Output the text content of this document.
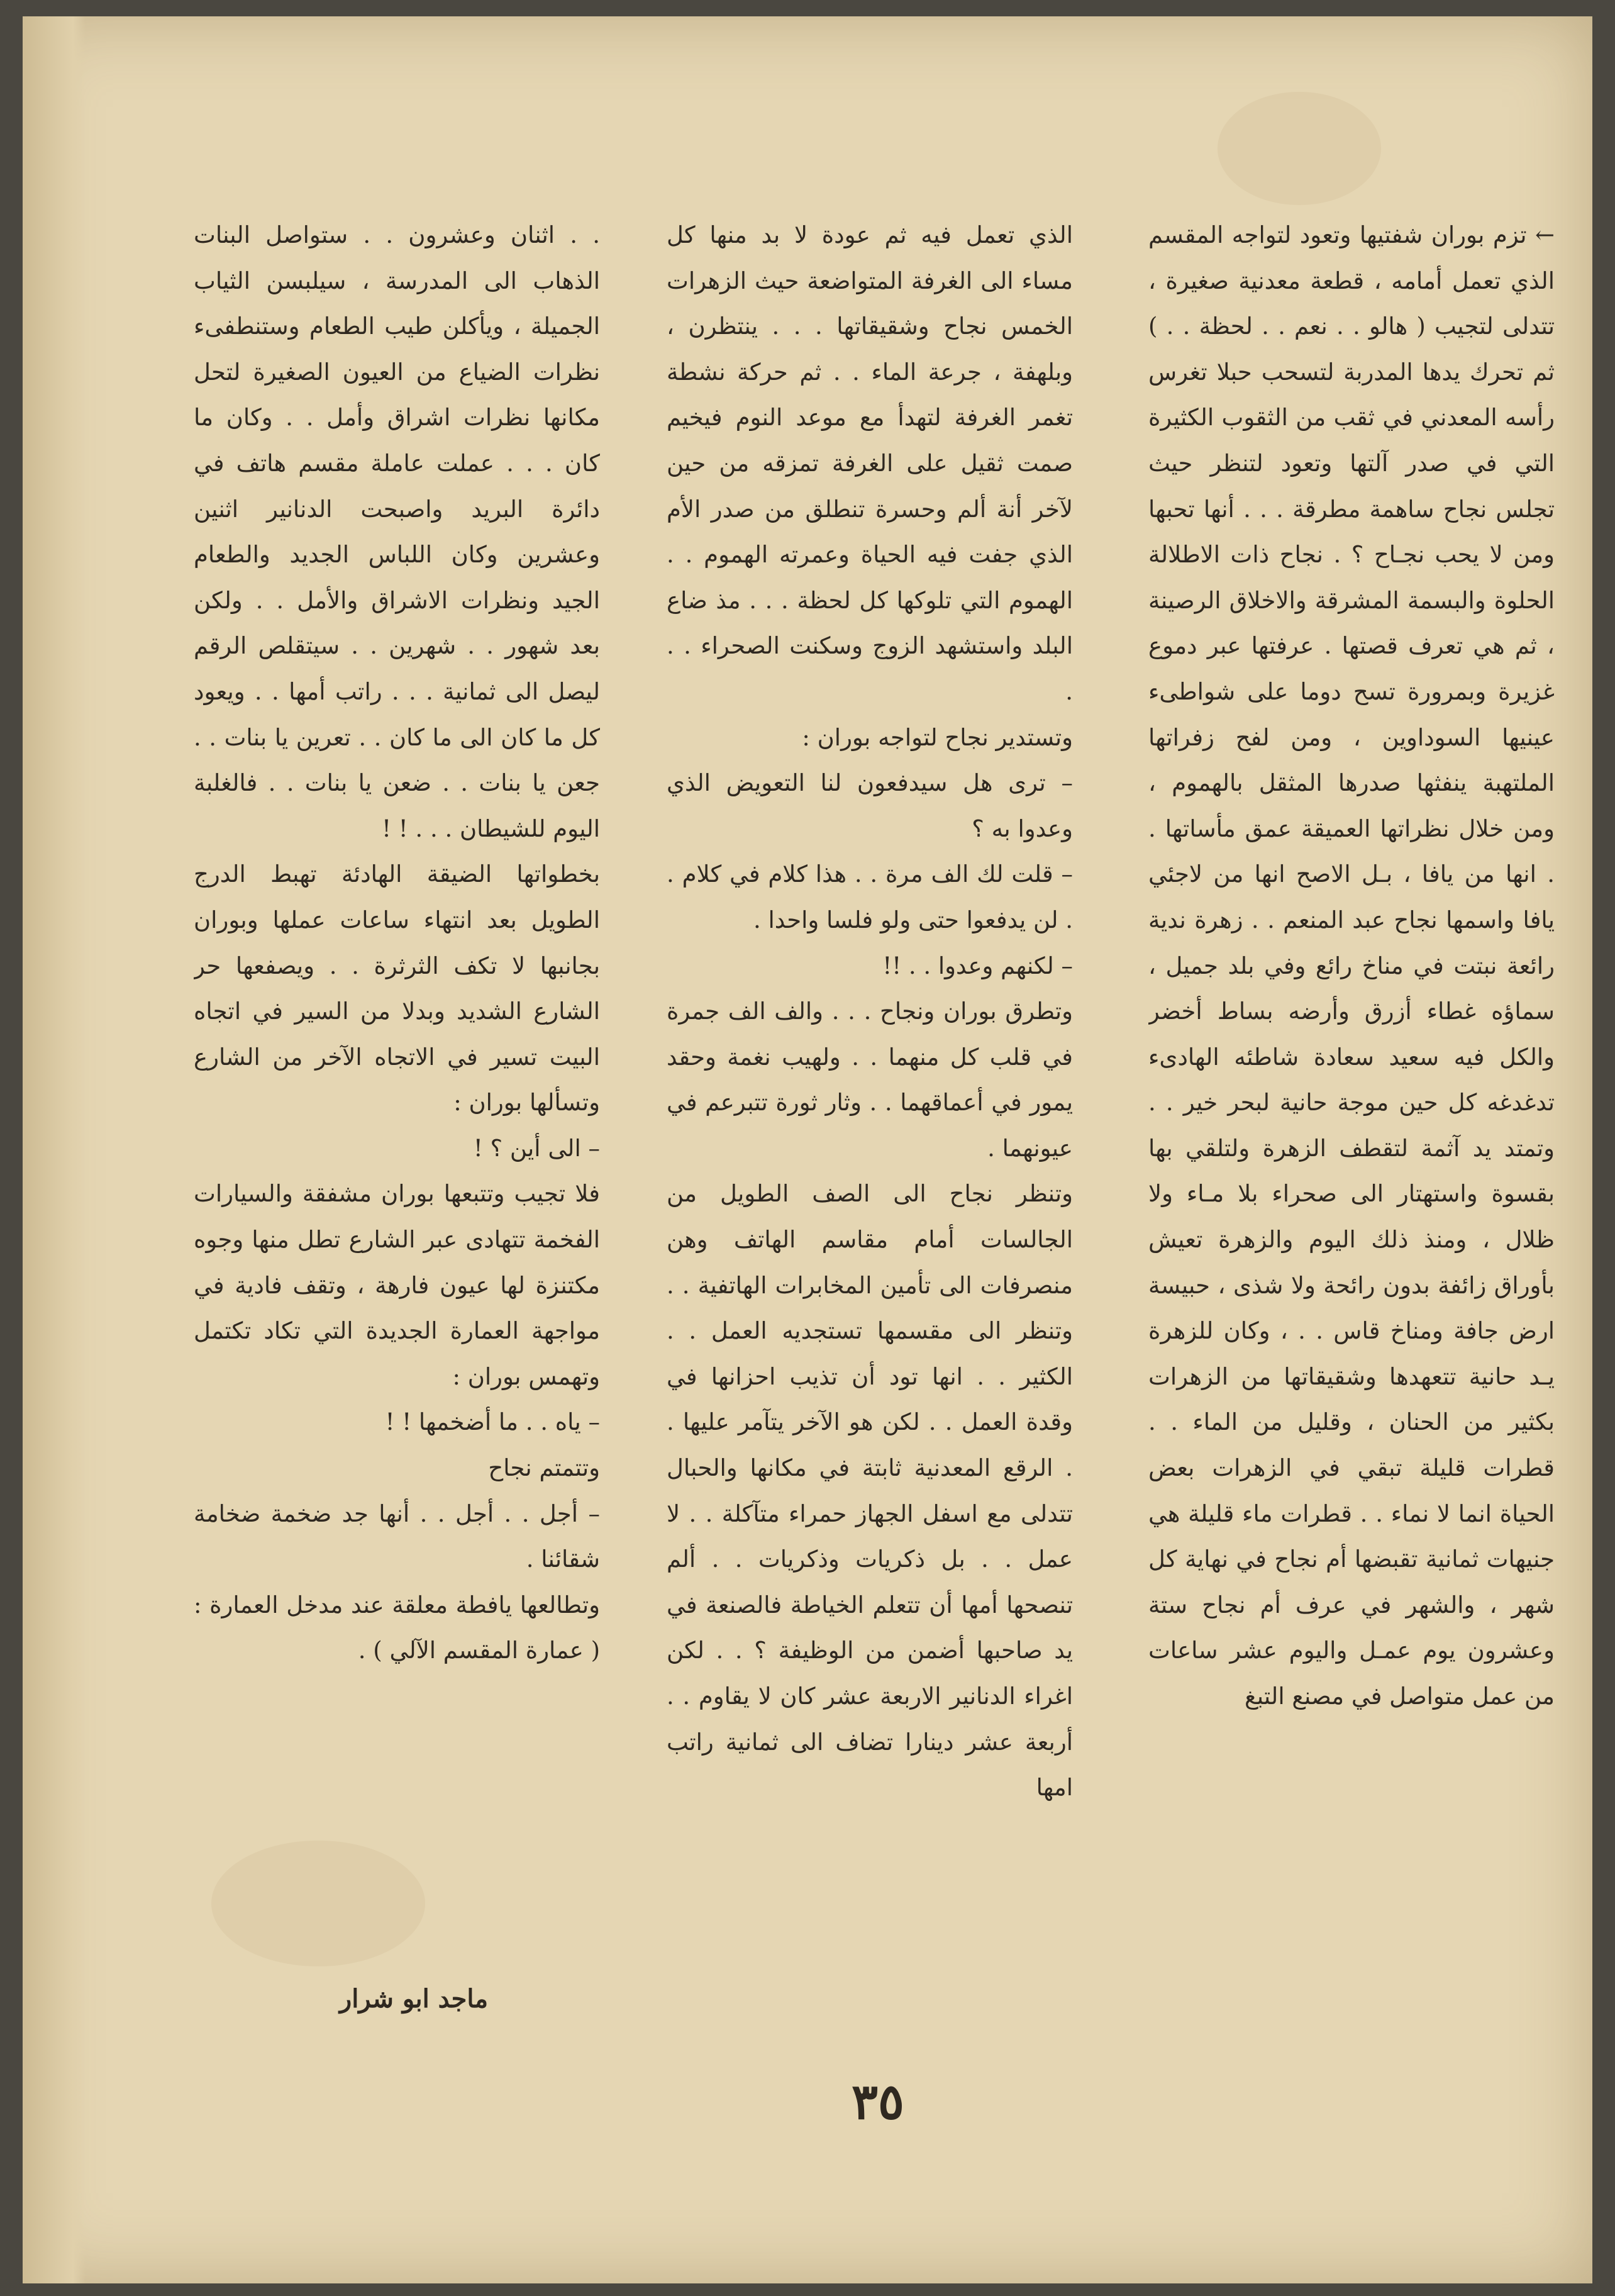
← تزم بوران شفتيها وتعود لتواجه المقسم الذي تعمل أمامه ، قطعة معدنية صغيرة ، تتدلى لتجيب ( هالو . . نعم . . لحظة . . ) ثم تحرك يدها المدربة لتسحب حبلا تغرس رأسه المعدني في ثقب من الثقوب الكثيرة التي في صدر آلتها وتعود لتنظر حيث تجلس نجاح ساهمة مطرقة . . . أنها تحبها ومن لا يحب نجـاح ؟ . نجاح ذات الاطلالة الحلوة والبسمة المشرقة والاخلاق الرصينة ، ثم هي تعرف قصتها . عرفتها عبر دموع غزيرة وبمرورة تسح دوما على شواطىء عينيها السوداوين ، ومن لفح زفراتها الملتهبة ينفثها صدرها المثقل بالهموم ، ومن خلال نظراتها العميقة عمق مأساتها . . انها من يافا ، بـل الاصح انها من لاجئي يافا واسمها نجاح عبد المنعم . . زهرة ندية رائعة نبتت في مناخ رائع وفي بلد جميل ، سماؤه غطاء أزرق وأرضه بساط أخضر والكل فيه سعيد سعادة شاطئه الهادىء تدغدغه كل حين موجة حانية لبحر خير . . وتمتد يد آثمة لتقطف الزهرة ولتلقي بها بقسوة واستهتار الى صحراء بلا مـاء ولا ظلال ، ومنذ ذلك اليوم والزهرة تعيش بأوراق زائفة بدون رائحة ولا شذى ، حبيسة ارض جافة ومناخ قاس . . ، وكان للزهرة يـد حانية تتعهدها وشقيقاتها من الزهرات بكثير من الحنان ، وقليل من الماء . . قطرات قليلة تبقي في الزهرات بعض الحياة انما لا نماء . . قطرات ماء قليلة هي جنيهات ثمانية تقبضها أم نجاح في نهاية كل شهر ، والشهر في عرف أم نجاح ستة وعشرون يوم عمـل واليوم عشر ساعات من عمل متواصل في مصنع التبغ

الذي تعمل فيه ثم عودة لا بد منها كل مساء الى الغرفة المتواضعة حيث الزهرات الخمس نجاح وشقيقاتها . . . ينتظرن ، وبلهفة ، جرعة الماء . . ثم حركة نشطة تغمر الغرفة لتهدأ مع موعد النوم فيخيم صمت ثقيل على الغرفة تمزقه من حين لآخر أنة ألم وحسرة تنطلق من صدر الأم الذي جفت فيه الحياة وعمرته الهموم . . الهموم التي تلوكها كل لحظة . . . مذ ضاع البلد واستشهد الزوج وسكنت الصحراء . . .

وتستدير نجاح لتواجه بوران :

– ترى هل سيدفعون لنا التعويض الذي وعدوا به ؟

– قلت لك الف مرة . . هذا كلام في كلام . . لن يدفعوا حتى ولو فلسا واحدا .

– لكنهم وعدوا . . !!

وتطرق بوران ونجاح . . . والف الف جمرة في قلب كل منهما . . ولهيب نغمة وحقد يمور في أعماقهما . . وثار ثورة تتبرعم في عيونهما .

وتنظر نجاح الى الصف الطويل من الجالسات أمام مقاسم الهاتف وهن منصرفات الى تأمين المخابرات الهاتفية . . وتنظر الى مقسمها تستجديه العمل . . الكثير . . انها تود أن تذيب احزانها في وقدة العمل . . لكن هو الآخر يتآمر عليها . . الرقع المعدنية ثابتة في مكانها والحبال تتدلى مع اسفل الجهاز حمراء متآكلة . . لا عمل . . بل ذكريات وذكريات . . ألم تنصحها أمها أن تتعلم الخياطة فالصنعة في يد صاحبها أضمن من الوظيفة ؟ . . لكن اغراء الدنانير الاربعة عشر كان لا يقاوم . . أربعة عشر دينارا تضاف الى ثمانية راتب امها

. . اثنان وعشرون . . ستواصل البنات الذهاب الى المدرسة ، سيلبسن الثياب الجميلة ، ويأكلن طيب الطعام وستنطفىء نظرات الضياع من العيون الصغيرة لتحل مكانها نظرات اشراق وأمل . . وكان ما كان . . . عملت عاملة مقسم هاتف في دائرة البريد واصبحت الدنانير اثنين وعشرين وكان اللباس الجديد والطعام الجيد ونظرات الاشراق والأمل . . ولكن بعد شهور . . شهرين . . سيتقلص الرقم ليصل الى ثمانية . . . راتب أمها . . ويعود كل ما كان الى ما كان . . تعرين يا بنات . . جعن يا بنات . . ضعن يا بنات . . فالغلبة اليوم للشيطان . . . ! !

بخطواتها الضيقة الهادئة تهبط الدرج الطويل بعد انتهاء ساعات عملها وبوران بجانبها لا تكف الثرثرة . . ويصفعها حر الشارع الشديد وبدلا من السير في اتجاه البيت تسير في الاتجاه الآخر من الشارع وتسألها بوران :

– الى أين ؟ !

فلا تجيب وتتبعها بوران مشفقة والسيارات الفخمة تتهادى عبر الشارع تطل منها وجوه مكتنزة لها عيون فارهة ، وتقف فادية في مواجهة العمارة الجديدة التي تكاد تكتمل وتهمس بوران :

– ياه . . ما أضخمها ! !

وتتمتم نجاح

– أجل . . أجل . . أنها جد ضخمة ضخامة شقائنا .

وتطالعها يافطة معلقة عند مدخل العمارة : ( عمارة المقسم الآلي ) .

ماجد ابو شرار
٣٥
